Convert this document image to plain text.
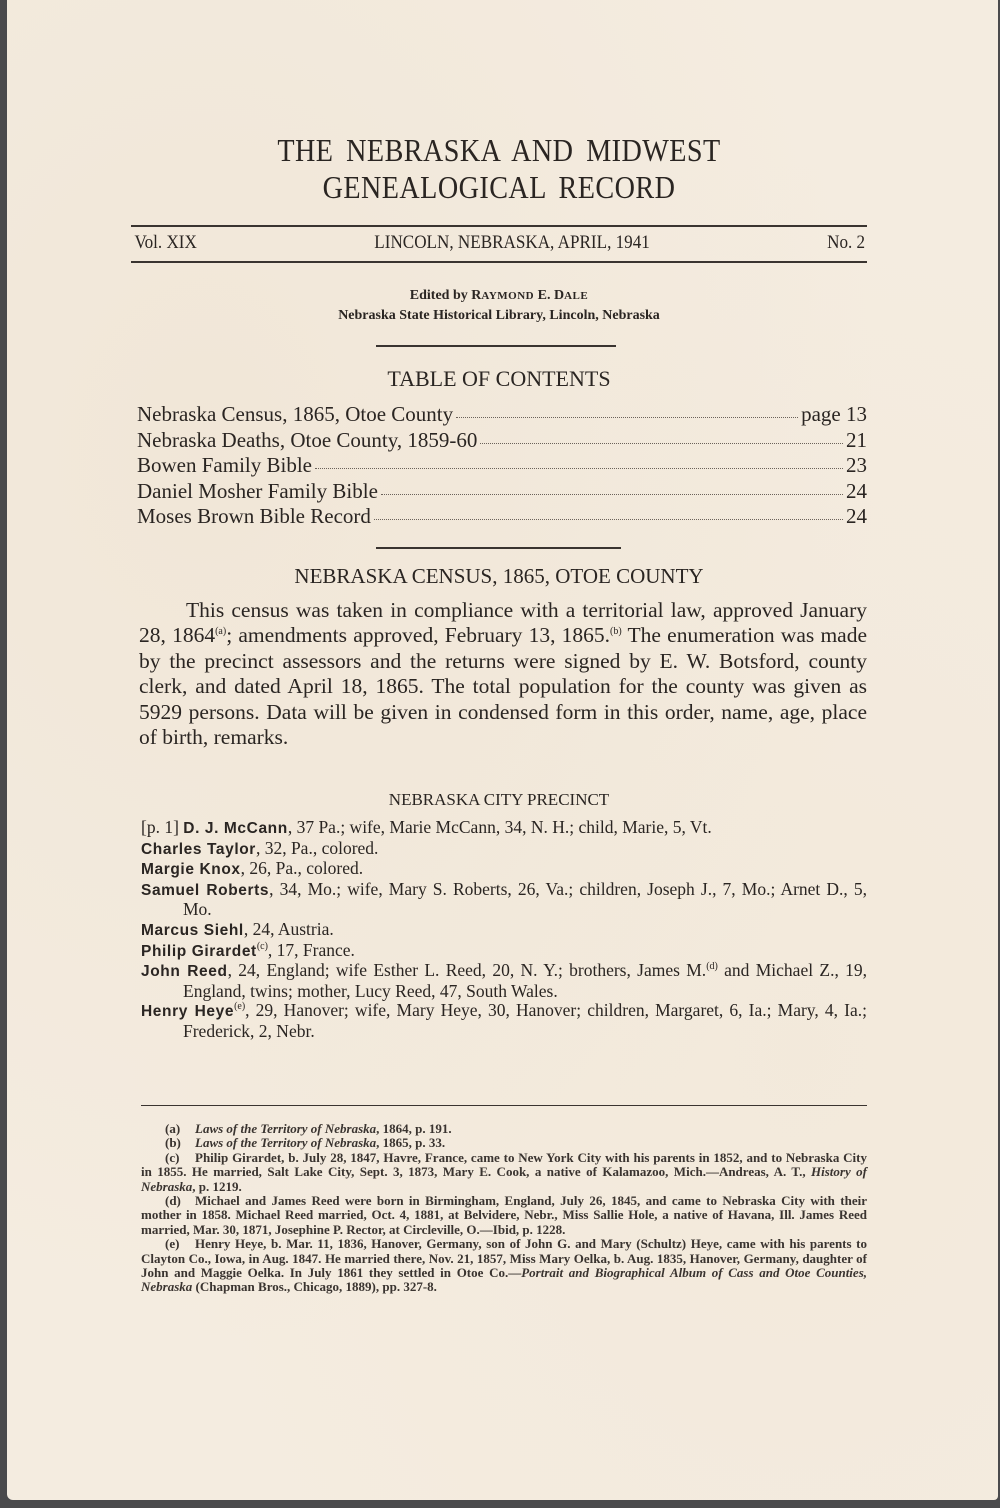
THE NEBRASKA AND MIDWEST
GENEALOGICAL RECORD
Vol. XIX	LINCOLN, NEBRASKA, APRIL, 1941	No. 2
Edited by RAYMOND E. DALE
Nebraska State Historical Library, Lincoln, Nebraska
TABLE OF CONTENTS
Nebraska Census, 1865, Otoe County	page 13
Nebraska Deaths, Otoe County, 1859-60	21
Bowen Family Bible	23
Daniel Mosher Family Bible	24
Moses Brown Bible Record	24
NEBRASKA CENSUS, 1865, OTOE COUNTY
This census was taken in compliance with a territorial law, approved January 28, 1864$^{(a)}$; amendments approved, February 13, 1865.$^{(b)}$ The enumeration was made by the precinct assessors and the returns were signed by E. W. Botsford, county clerk, and dated April 18, 1865. The total population for the county was given as 5929 persons. Data will be given in condensed form in this order, name, age, place of birth, remarks.
NEBRASKA CITY PRECINCT
[p. 1] D. J. McCann, 37 Pa.; wife, Marie McCann, 34, N. H.; child, Marie, 5, Vt.
Charles Taylor, 32, Pa., colored.
Margie Knox, 26, Pa., colored.
Samuel Roberts, 34, Mo.; wife, Mary S. Roberts, 26, Va.; children, Joseph J., 7, Mo.; Arnet D., 5, Mo.
Marcus Siehl, 24, Austria.
Philip Girardet$^{(c)}$, 17, France.
John Reed, 24, England; wife Esther L. Reed, 20, N. Y.; brothers, James M.$^{(d)}$ and Michael Z., 19, England, twins; mother, Lucy Reed, 47, South Wales.
Henry Heye$^{(e)}$, 29, Hanover; wife, Mary Heye, 30, Hanover; children, Margaret, 6, Ia.; Mary, 4, Ia.; Frederick, 2, Nebr.

(a) Laws of the Territory of Nebraska, 1864, p. 191.

(b) Laws of the Territory of Nebraska, 1865, p. 33.

(c) Philip Girardet, b. July 28, 1847, Havre, France, came to New York City with his parents in 1852, and to Nebraska City in 1855. He married, Salt Lake City, Sept. 3, 1873, Mary E. Cook, a native of Kalamazoo, Mich.—Andreas, A. T., History of Nebraska, p. 1219.

(d) Michael and James Reed were born in Birmingham, England, July 26, 1845, and came to Nebraska City with their mother in 1858. Michael Reed married, Oct. 4, 1881, at Belvidere, Nebr., Miss Sallie Hole, a native of Havana, Ill. James Reed married, Mar. 30, 1871, Josephine P. Rector, at Circleville, O.—Ibid, p. 1228.

(e) Henry Heye, b. Mar. 11, 1836, Hanover, Germany, son of John G. and Mary (Schultz) Heye, came with his parents to Clayton Co., Iowa, in Aug. 1847. He married there, Nov. 21, 1857, Miss Mary Oelka, b. Aug. 1835, Hanover, Germany, daughter of John and Maggie Oelka. In July 1861 they settled in Otoe Co.—Portrait and Biographical Album of Cass and Otoe Counties, Nebraska (Chapman Bros., Chicago, 1889), pp. 327-8.
